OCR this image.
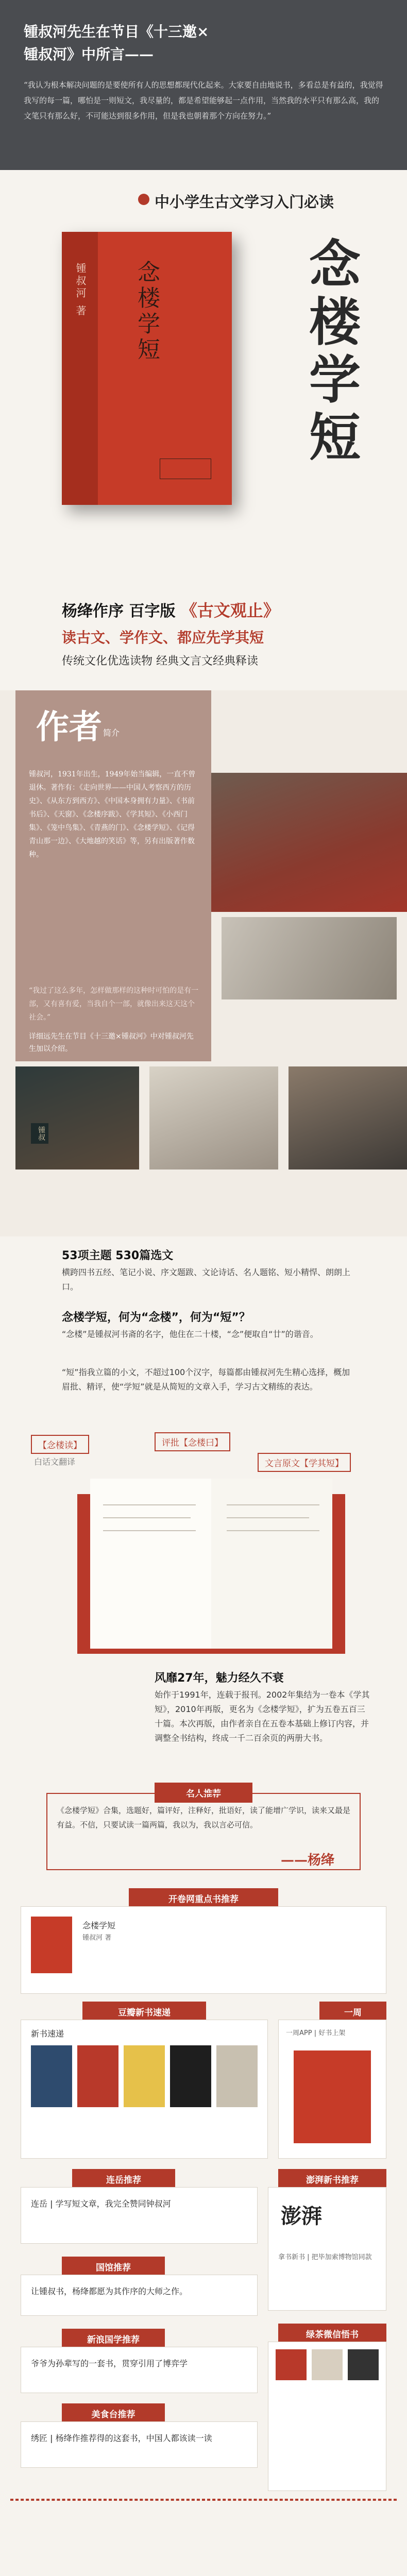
锺叔河先生在节目《十三邀×
锺叔河》中所言——
“我认为根本解决问题的是要使所有人的思想都现代化起来。大家要自由地说书，多看总是有益的，我觉得我写的每一篇，哪怕是一则短文，我尽量的，都是希望能够起一点作用，当然我的水平只有那么高，我的文笔只有那么好，不可能达到很多作用，但是我也朝着那个方向在努力。”
中小学生古文学习入门必读
锺叔河 著 念楼学短	念楼学短
杨绛作序 百字版 《古文观止》
读古文、学作文、都应先学其短
传统文化优选读物 经典文言文经典释读
作者 简介
锺叔河，1931年出生，1949年始当编辑，一直不曾退休。著作有：《走向世界——中国人考察西方的历史》、《从东方到西方》、《中国本身拥有力量》、《书前书后》、《天窗》、《念楼序跋》、《学其短》、《小西门集》、《笼中鸟集》、《青燕的门》、《念楼学短》、《记得青山那一边》、《大地越的笑话》等，另有出版著作数种。
“我过了这么多年，怎样做那样的这种时可怕的是有一部，又有喜有爱，当我自个一部，就像出来这天这个社会。”
详细远先生在节目《十三邀×锺叔河》中对锺叔河先生加以介绍。
锺叔
53项主题 530篇选文
横跨四书五经、笔记小说、序文题跋、文论诗话、名人题铭、短小精悍、朗朗上口。
念楼学短，何为“念楼”，何为“短”？
“念楼”是锺叔河书斋的名字，他住在二十楼，“念”便取自“廿”的谐音。
“短”指我立篇的小文，不超过100个汉字，每篇都由锺叔河先生精心选择，概加眉批、精评，使“学短”就是从简短的文章入手，学习古文精练的表达。
【念楼读】
白话文翻译
评批【念楼曰】
文言原文【学其短】
风靡27年，魅力经久不衰
始作于1991年，连载于报刊。2002年集结为一卷本《学其短》，2010年再版，更名为《念楼学短》，扩为五卷五百三十篇。本次再版，由作者亲自在五卷本基础上修订内容，并调整全书结构，终成一千二百余页的两册大书。
名人推荐
《念楼学短》合集，选题好，篇评好，注释好，批语好，读了能增广学识，读来又最是有益。不信，只要试读一篇两篇，我以为，我以言必可信。
——杨绛
开卷网重点书推荐
念楼学短
锺叔河 著
豆瓣新书速递
新书速递
一周
一周APP | 好书上架
连岳推荐
连岳 | 学写短文章，我完全赞同钟叔河
澎湃新书推荐
澎湃
拿书新书 | 把毕加索博物馆同款
国馆推荐
让锺叔书，杨绛都愿为其作序的大师之作。
绿茶微信悟书
新浪国学推荐
爷爷为孙辈写的一套书，贯穿引用了博弈学
美食台推荐
绣匠 | 杨绛作推荐得的这套书，中国人都该读一读
